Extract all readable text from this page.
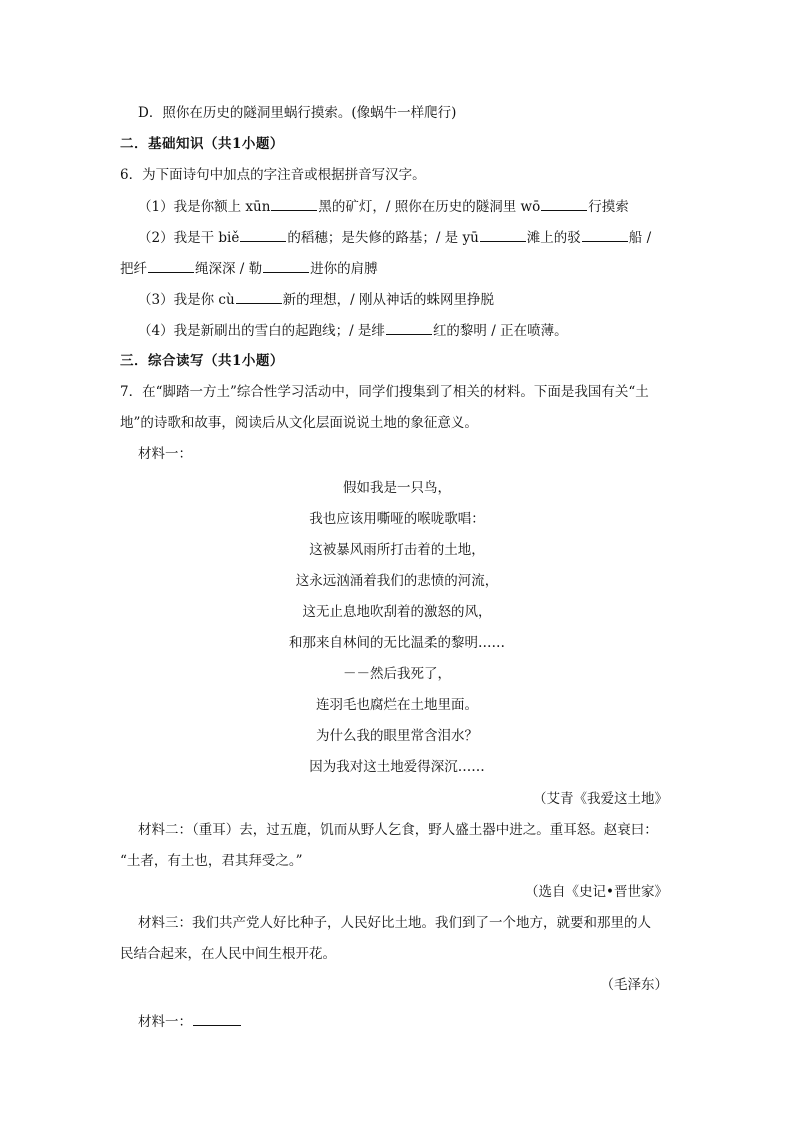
D．照你在历史的隧洞里蜗行摸索。(像蜗牛一样爬行)
二．基础知识（共1小题）
6．为下面诗句中加点的字注音或根据拼音写汉字。
（1）我是你额上 xūn	黑的矿灯，/ 照你在历史的隧洞里 wō	行摸索
（2）我是干 biě	的稻穗；是失修的路基；/ 是 yū	滩上的驳	船 /
把纤	绳深深 / 勒	进你的肩膊
（3）我是你 cù	新的理想，/ 刚从神话的蛛网里挣脱
（4）我是新刷出的雪白的起跑线；/ 是绯	红的黎明 / 正在喷薄。
三．综合读写（共1小题）
7．在“脚踏一方土”综合性学习活动中，同学们搜集到了相关的材料。下面是我国有关“土
地”的诗歌和故事，阅读后从文化层面说说土地的象征意义。
材料一：
假如我是一只鸟，
我也应该用嘶哑的喉咙歌唱：
这被暴风雨所打击着的土地，
这永远汹涌着我们的悲愤的河流，
这无止息地吹刮着的激怒的风，
和那来自林间的无比温柔的黎明……
－－然后我死了，
连羽毛也腐烂在土地里面。
为什么我的眼里常含泪水？
因为我对这土地爱得深沉……
（艾青《我爱这土地》
材料二：（重耳）去，过五鹿，饥而从野人乞食，野人盛土器中进之。重耳怒。赵衰曰：
“土者，有土也，君其拜受之。”
（选自《史记•晋世家》
材料三：我们共产党人好比种子，人民好比土地。我们到了一个地方，就要和那里的人
民结合起来，在人民中间生根开花。
（毛泽东）
材料一：
